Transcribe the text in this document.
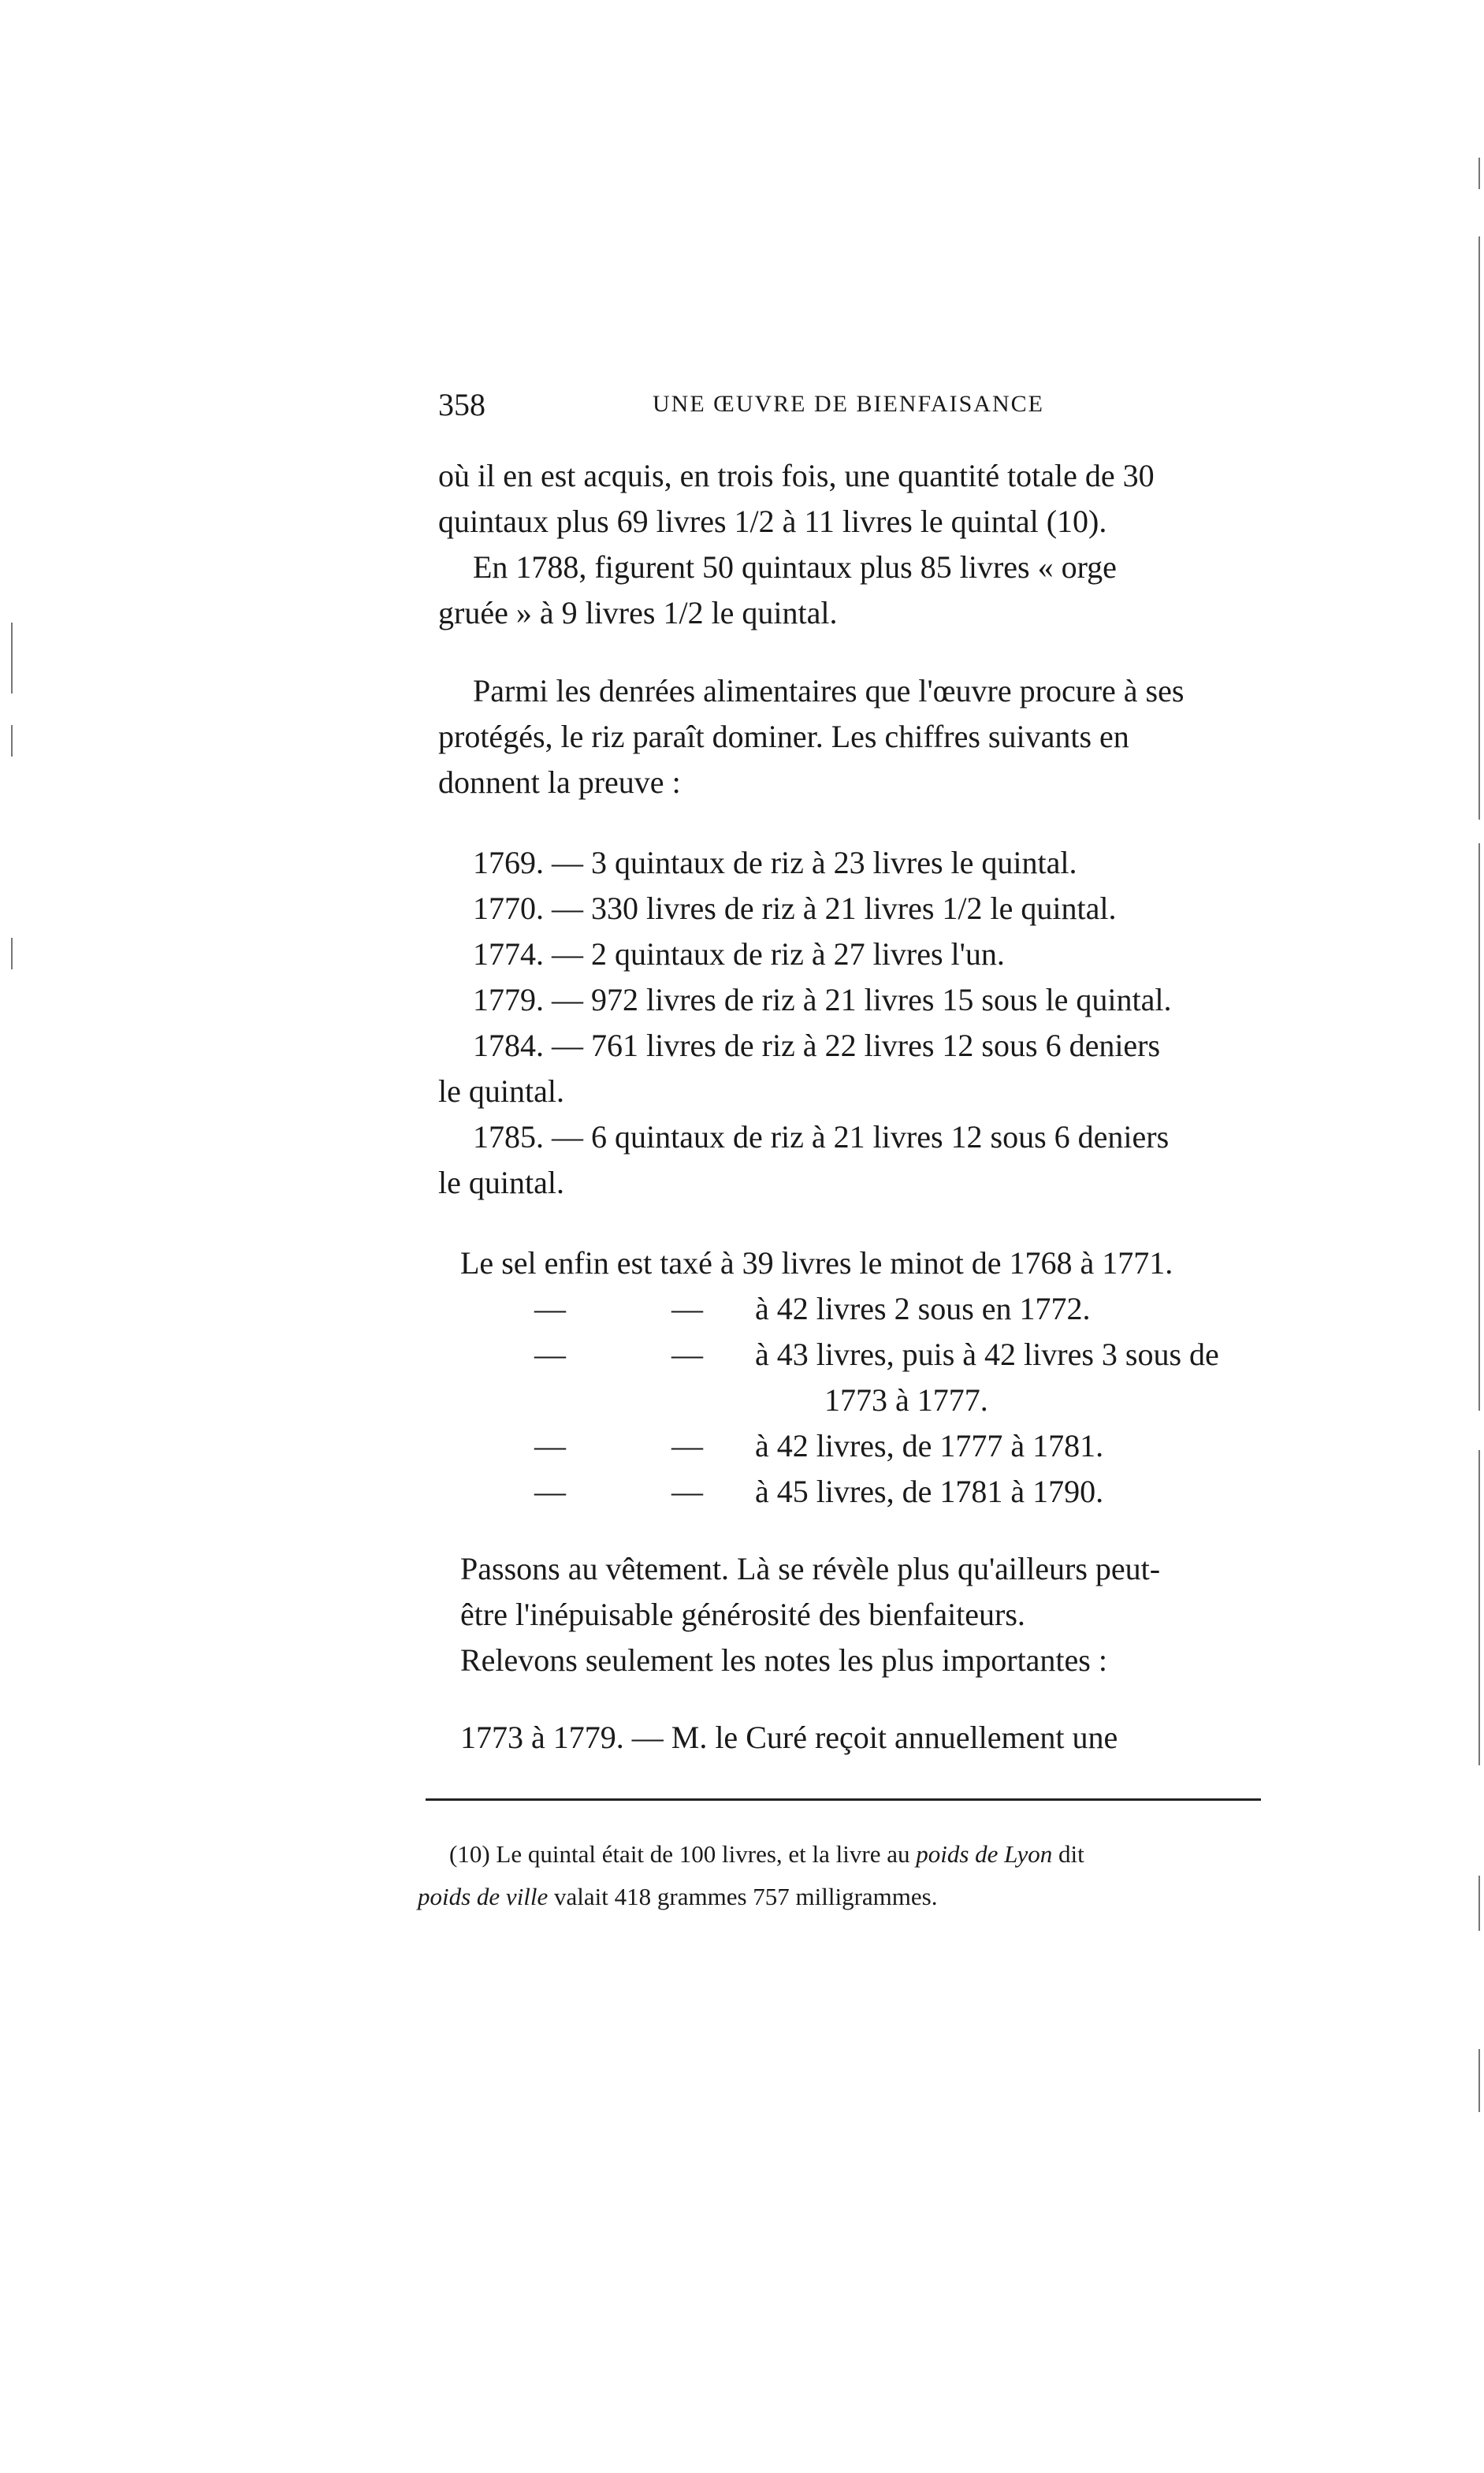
358	UNE ŒUVRE DE BIENFAISANCE
où il en est acquis, en trois fois, une quantité totale de 30
quintaux plus 69 livres 1/2 à 11 livres le quintal (10).
En 1788, figurent 50 quintaux plus 85 livres « orge
gruée » à 9 livres 1/2 le quintal.
Parmi les denrées alimentaires que l'œuvre procure à ses
protégés, le riz paraît dominer. Les chiffres suivants en
donnent la preuve :
1769. — 3 quintaux de riz à 23 livres le quintal.
1770. — 330 livres de riz à 21 livres 1/2 le quintal.
1774. — 2 quintaux de riz à 27 livres l'un.
1779. — 972 livres de riz à 21 livres 15 sous le quintal.
1784. — 761 livres de riz à 22 livres 12 sous 6 deniers
le quintal.
1785. — 6 quintaux de riz à 21 livres 12 sous 6 deniers
le quintal.
Le sel enfin est taxé à 39 livres le minot de 1768 à 1771.
—	— à 42 livres 2 sous en 1772.
—	— à 43 livres, puis à 42 livres 3 sous de
1773 à 1777.
—	— à 42 livres, de 1777 à 1781.
—	— à 45 livres, de 1781 à 1790.
Passons au vêtement. Là se révèle plus qu'ailleurs peut-
être l'inépuisable générosité des bienfaiteurs.
Relevons seulement les notes les plus importantes :
1773 à 1779. — M. le Curé reçoit annuellement une
(10) Le quintal était de 100 livres, et la livre au poids de Lyon dit
poids de ville valait 418 grammes 757 milligrammes.
